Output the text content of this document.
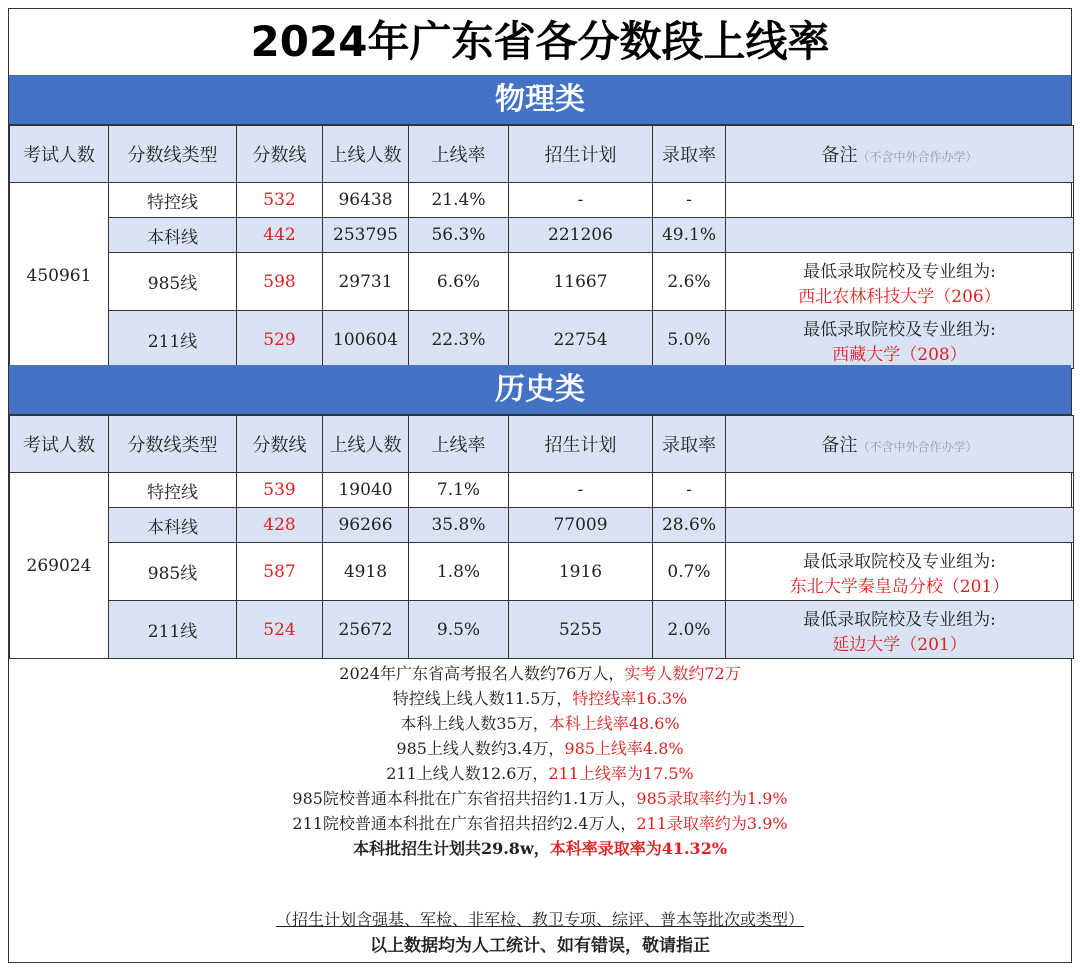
2024年广东省各分数段上线率
物理类
考试人数	分数线类型	分数线	上线人数	上线率	招生计划	录取率	备注（不含中外合作办学）
450961	特控线	532	96438	21.4%	-	-	
	本科线	442	253795	56.3%	221206	49.1%	
	985线	598	29731	6.6%	11667	2.6%	最低录取院校及专业组为:
西北农林科技大学（206）

	211线	529	100604	22.3%	22754	5.0%	最低录取院校及专业组为:
西藏大学（208）
历史类
考试人数	分数线类型	分数线	上线人数	上线率	招生计划	录取率	备注（不含中外合作办学）
269024	特控线	539	19040	7.1%	-	-	
	本科线	428	96266	35.8%	77009	28.6%	
	985线	587	4918	1.8%	1916	0.7%	最低录取院校及专业组为:
东北大学秦皇岛分校（201）

	211线	524	25672	9.5%	5255	2.0%	最低录取院校及专业组为:
延边大学（201）
2024年广东省高考报名人数约76万人，实考人数约72万
特控线上线人数11.5万，特控线率16.3%
本科上线人数35万，本科上线率48.6%
985上线人数约3.4万，985上线率4.8%
211上线人数12.6万，211上线率为17.5%
985院校普通本科批在广东省招共招约1.1万人，985录取率约为1.9%
211院校普通本科批在广东省招共招约2.4万人，211录取率约为3.9%
本科批招生计划共29.8w，本科率录取率为41.32%
（招生计划含强基、军检、非军检、教卫专项、综评、普本等批次或类型）
以上数据均为人工统计、如有错误，敬请指正
